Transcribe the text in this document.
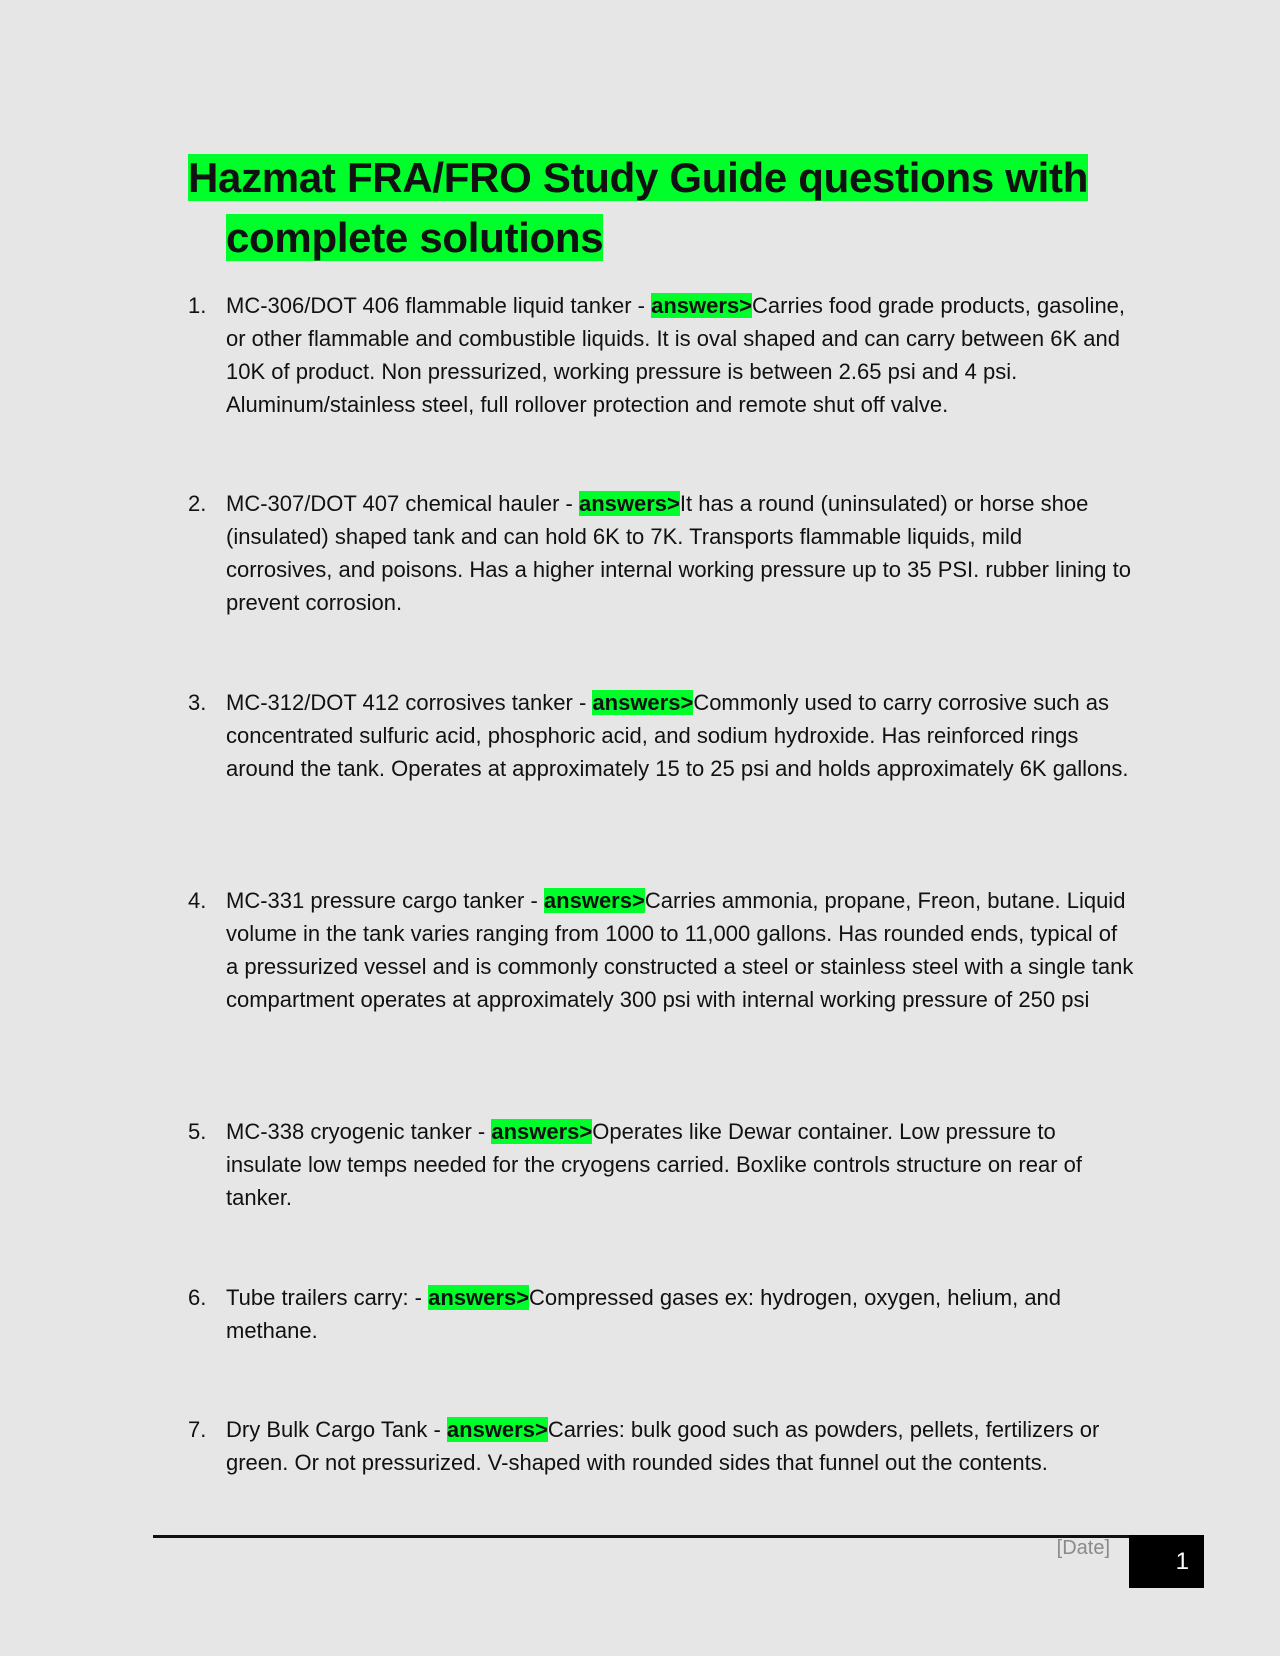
Hazmat FRA/FRO Study Guide questions with
complete solutions
1. MC-306/DOT 406 flammable liquid tanker - answers>Carries food grade products, gasoline, or other flammable and combustible liquids. It is oval shaped and can carry between 6K and 10K of product. Non pressurized, working pressure is between 2.65 psi and 4 psi. Aluminum/stainless steel, full rollover protection and remote shut off valve.
2. MC-307/DOT 407 chemical hauler - answers>It has a round (uninsulated) or horse shoe (insulated) shaped tank and can hold 6K to 7K. Transports flammable liquids, mild corrosives, and poisons. Has a higher internal working pressure up to 35 PSI. rubber lining to prevent corrosion.
3. MC-312/DOT 412 corrosives tanker - answers>Commonly used to carry corrosive such as concentrated sulfuric acid, phosphoric acid, and sodium hydroxide. Has reinforced rings around the tank. Operates at approximately 15 to 25 psi and holds approximately 6K gallons.
4. MC-331 pressure cargo tanker - answers>Carries ammonia, propane, Freon, butane. Liquid volume in the tank varies ranging from 1000 to 11,000 gallons. Has rounded ends, typical of a pressurized vessel and is commonly constructed a steel or stainless steel with a single tank compartment operates at approximately 300 psi with internal working pressure of 250 psi
5. MC-338 cryogenic tanker - answers>Operates like Dewar container. Low pressure to insulate low temps needed for the cryogens carried. Boxlike controls structure on rear of tanker.
6. Tube trailers carry: - answers>Compressed gases ex: hydrogen, oxygen, helium, and methane.
7. Dry Bulk Cargo Tank - answers>Carries: bulk good such as powders, pellets, fertilizers or green. Or not pressurized. V-shaped with rounded sides that funnel out the contents.
[Date]	1
